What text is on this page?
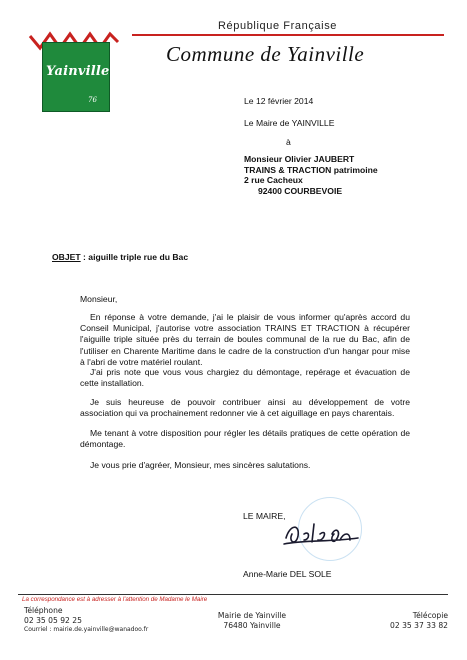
Yainville
76
République Française
Commune de Yainville
Le 12 février 2014
Le Maire de YAINVILLE
à
Monsieur Olivier JAUBERT
TRAINS & TRACTION patrimoine
2 rue Cacheux
92400 COURBEVOIE
OBJET : aiguille triple rue du Bac
Monsieur,
En réponse à votre demande, j'ai le plaisir de vous informer qu'après accord du Conseil Municipal, j'autorise votre association TRAINS ET TRACTION à récupérer l'aiguille triple située près du terrain de boules communal de la rue du Bac, afin de l'utiliser en Charente Maritime dans le cadre de la construction d'un hangar pour mise à l'abri de votre matériel roulant.
J'ai pris note que vous vous chargiez du démontage, repérage et évacuation de cette installation.
Je suis heureuse de pouvoir contribuer ainsi au développement de votre association qui va prochainement redonner vie à cet aiguillage en pays charentais.
Me tenant à votre disposition pour régler les détails pratiques de cette opération de démontage.
Je vous prie d'agréer, Monsieur, mes sincères salutations.
LE MAIRE,
Anne-Marie DEL SOLE
La correspondance est à adresser à l'attention de Madame le Maire
Téléphone
02 35 05 92 25
Courriel : mairie.de.yainville@wanadoo.fr
Mairie de Yainville
76480 Yainville
Télécopie
02 35 37 33 82
